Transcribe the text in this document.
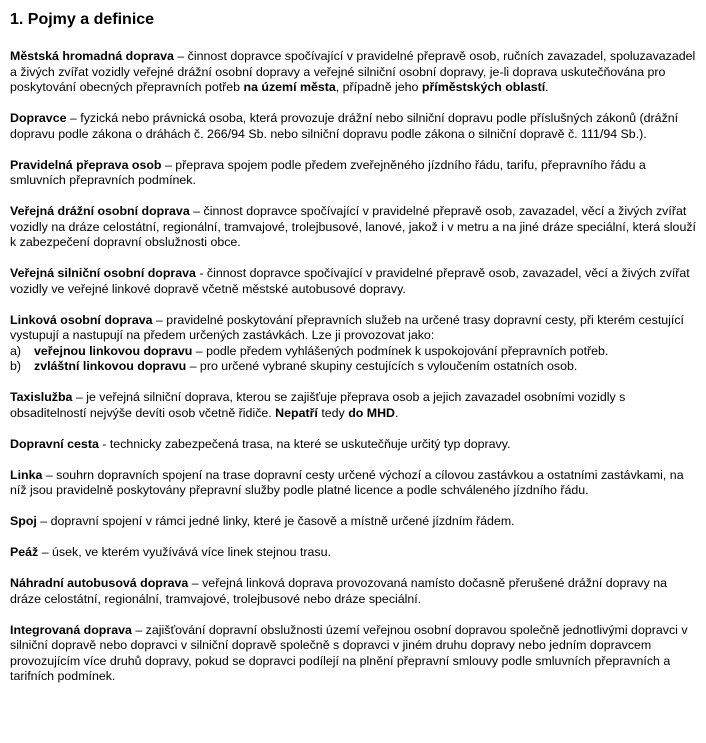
1. Pojmy a definice

Městská hromadná doprava – činnost dopravce spočívající v pravidelné přepravě osob, ručních zavazadel, spoluzavazadel a živých zvířat vozidly veřejné drážní osobní dopravy a veřejné silniční osobní dopravy, je-li doprava uskutečňována pro poskytování obecných přepravních potřeb na území města, případně jeho příměstských oblastí.

Dopravce – fyzická nebo právnická osoba, která provozuje drážní nebo silniční dopravu podle příslušných zákonů (drážní dopravu podle zákona o dráhách č. 266/94 Sb. nebo silniční dopravu podle zákona o silniční dopravě č. 111/94 Sb.).

Pravidelná přeprava osob – přeprava spojem podle předem zveřejněného jízdního řádu, tarifu, přepravního řádu a smluvních přepravních podmínek.

Veřejná drážní osobní doprava – činnost dopravce spočívající v pravidelné přepravě osob, zavazadel, věcí a živých zvířat vozidly na dráze celostátní, regionální, tramvajové, trolejbusové, lanové, jakož i v metru a na jiné dráze speciální, která slouží k zabezpečení dopravní obslužnosti obce.

Veřejná silniční osobní doprava - činnost dopravce spočívající v pravidelné přepravě osob, zavazadel, věcí a živých zvířat vozidly ve veřejné linkové dopravě včetně městské autobusové dopravy.

Linková osobní doprava – pravidelné poskytování přepravních služeb na určené trasy dopravní cesty, při kterém cestující vystupují a nastupují na předem určených zastávkách. Lze ji provozovat jako:

a)	veřejnou linkovou dopravu – podle předem vyhlášených podmínek k uspokojování přepravních potřeb.
b)	zvláštní linkovou dopravu – pro určené vybrané skupiny cestujících s vyloučením ostatních osob.

Taxislužba – je veřejná silniční doprava, kterou se zajišťuje přeprava osob a jejich zavazadel osobními vozidly s obsaditelností nejvýše devíti osob včetně řidiče. Nepatří tedy do MHD.

Dopravní cesta - technicky zabezpečená trasa, na které se uskutečňuje určitý typ dopravy.

Linka – souhrn dopravních spojení na trase dopravní cesty určené výchozí a cílovou zastávkou a ostatními zastávkami, na níž jsou pravidelně poskytovány přepravní služby podle platné licence a podle schváleného jízdního řádu.

Spoj – dopravní spojení v rámci jedné linky, které je časově a místně určené jízdním řádem.

Peáž – úsek, ve kterém využívává více linek stejnou trasu.

Náhradní autobusová doprava – veřejná linková doprava provozovaná namísto dočasně přerušené drážní dopravy na dráze celostátní, regionální, tramvajové, trolejbusové nebo dráze speciální.

Integrovaná doprava – zajišťování dopravní obslužnosti území veřejnou osobní dopravou společně jednotlivými dopravci v silniční dopravě nebo dopravci v silniční dopravě společně s dopravci v jiném druhu dopravy nebo jedním dopravcem provozujícím více druhů dopravy, pokud se dopravci podílejí na plnění přepravní smlouvy podle smluvních přepravních a tarifních podmínek.
